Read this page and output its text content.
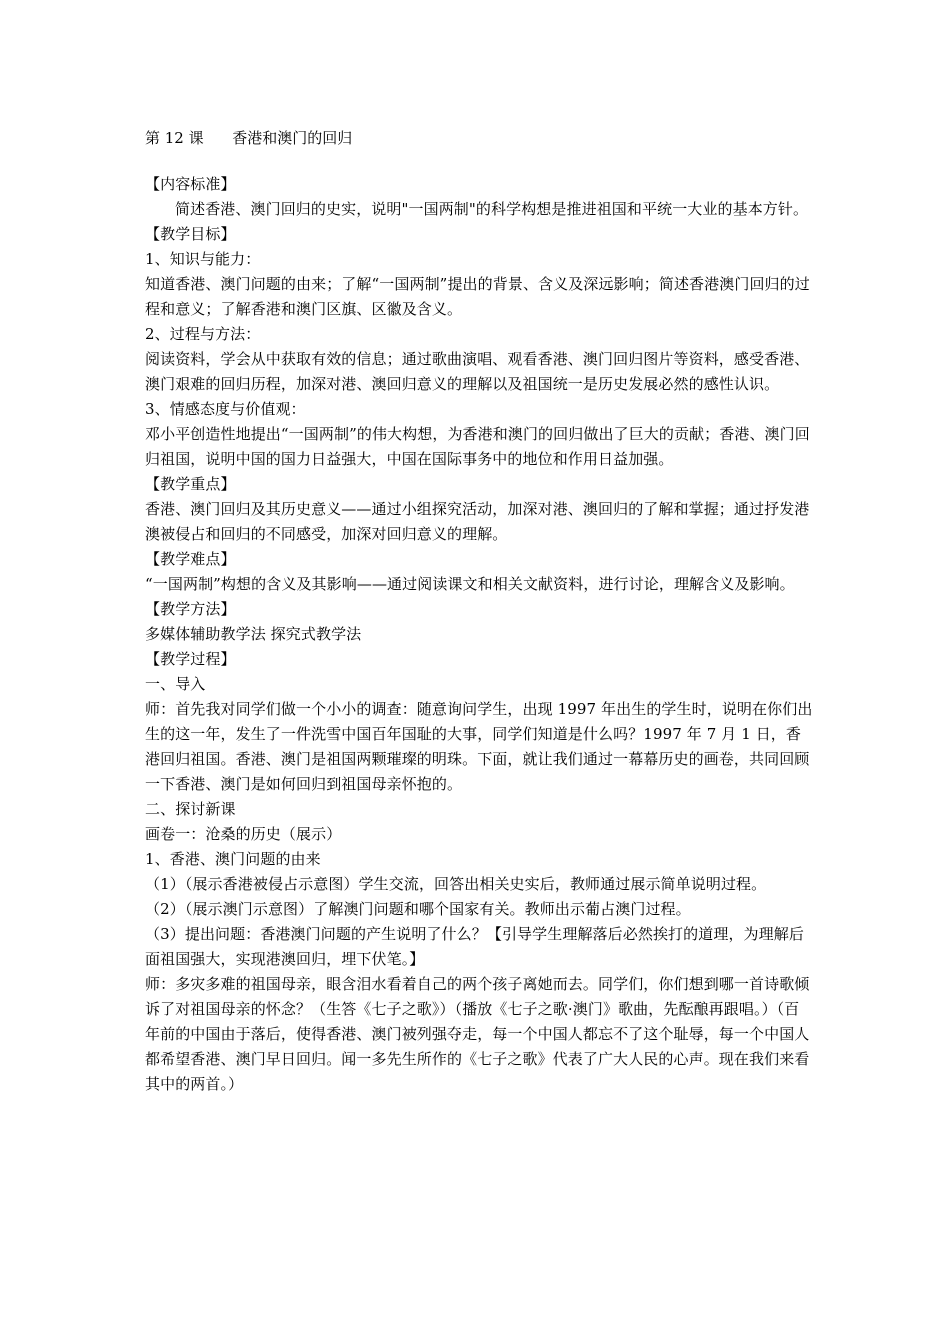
第 12 课      香港和澳门的回归

【内容标准】

简述香港、澳门回归的史实，说明"一国两制"的科学构想是推进祖国和平统一大业的基本方针。

【教学目标】

1、知识与能力：

知道香港、澳门问题的由来；了解“一国两制”提出的背景、含义及深远影响；简述香港澳门回归的过程和意义；了解香港和澳门区旗、区徽及含义。

2、过程与方法：

阅读资料，学会从中获取有效的信息；通过歌曲演唱、观看香港、澳门回归图片等资料，感受香港、澳门艰难的回归历程，加深对港、澳回归意义的理解以及祖国统一是历史发展必然的感性认识。

3、情感态度与价值观：

邓小平创造性地提出“一国两制”的伟大构想，为香港和澳门的回归做出了巨大的贡献；香港、澳门回归祖国，说明中国的国力日益强大，中国在国际事务中的地位和作用日益加强。

【教学重点】

香港、澳门回归及其历史意义——通过小组探究活动，加深对港、澳回归的了解和掌握；通过抒发港澳被侵占和回归的不同感受，加深对回归意义的理解。

【教学难点】

“一国两制”构想的含义及其影响——通过阅读课文和相关文献资料，进行讨论，理解含义及影响。

【教学方法】

多媒体辅助教学法 探究式教学法

【教学过程】

一、导入

师：首先我对同学们做一个小小的调查：随意询问学生，出现 1997 年出生的学生时，说明在你们出生的这一年，发生了一件洗雪中国百年国耻的大事，同学们知道是什么吗？1997 年 7 月 1 日，香港回归祖国。香港、澳门是祖国两颗璀璨的明珠。下面，就让我们通过一幕幕历史的画卷，共同回顾一下香港、澳门是如何回归到祖国母亲怀抱的。

二、探讨新课

画卷一：沧桑的历史（展示）

1、香港、澳门问题的由来

（1）（展示香港被侵占示意图）学生交流，回答出相关史实后，教师通过展示简单说明过程。

（2）（展示澳门示意图）了解澳门问题和哪个国家有关。教师出示葡占澳门过程。

（3）提出问题：香港澳门问题的产生说明了什么？【引导学生理解落后必然挨打的道理，为理解后面祖国强大，实现港澳回归，埋下伏笔。】

师：多灾多难的祖国母亲，眼含泪水看着自己的两个孩子离她而去。同学们，你们想到哪一首诗歌倾诉了对祖国母亲的怀念？（生答《七子之歌》）（播放《七子之歌·澳门》歌曲，先酝酿再跟唱。）（百年前的中国由于落后，使得香港、澳门被列强夺走，每一个中国人都忘不了这个耻辱，每一个中国人都希望香港、澳门早日回归。闻一多先生所作的《七子之歌》代表了广大人民的心声。现在我们来看其中的两首。）
